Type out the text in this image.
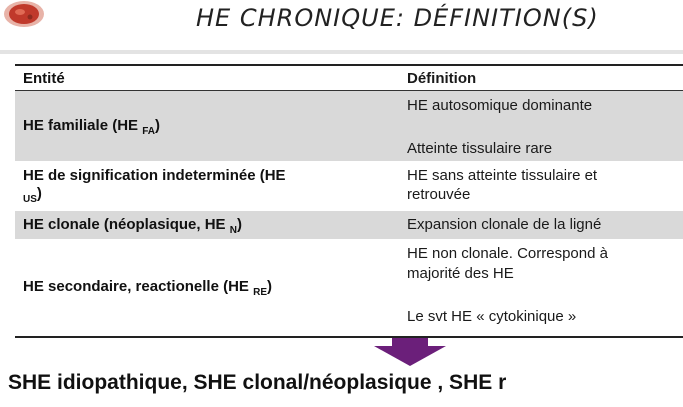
HE CHRONIQUE: DÉFINITION(S)
Entité	Définition
HE familiale (HE $_{FA}$)
HE autosomique dominante
Atteinte tissulaire rare
HE de signification indeterminée (HE
$_{US}$)
HE sans atteinte tissulaire et
retrouvée
HE clonale (néoplasique, HE $_N$)	Expansion clonale de la ligné
HE secondaire, reactionelle (HE $_{RE}$)
HE non clonale. Correspond à
majorité des HE
Le svt HE « cytokinique »
SHE idiopathique, SHE clonal/néoplasique , SHE r
